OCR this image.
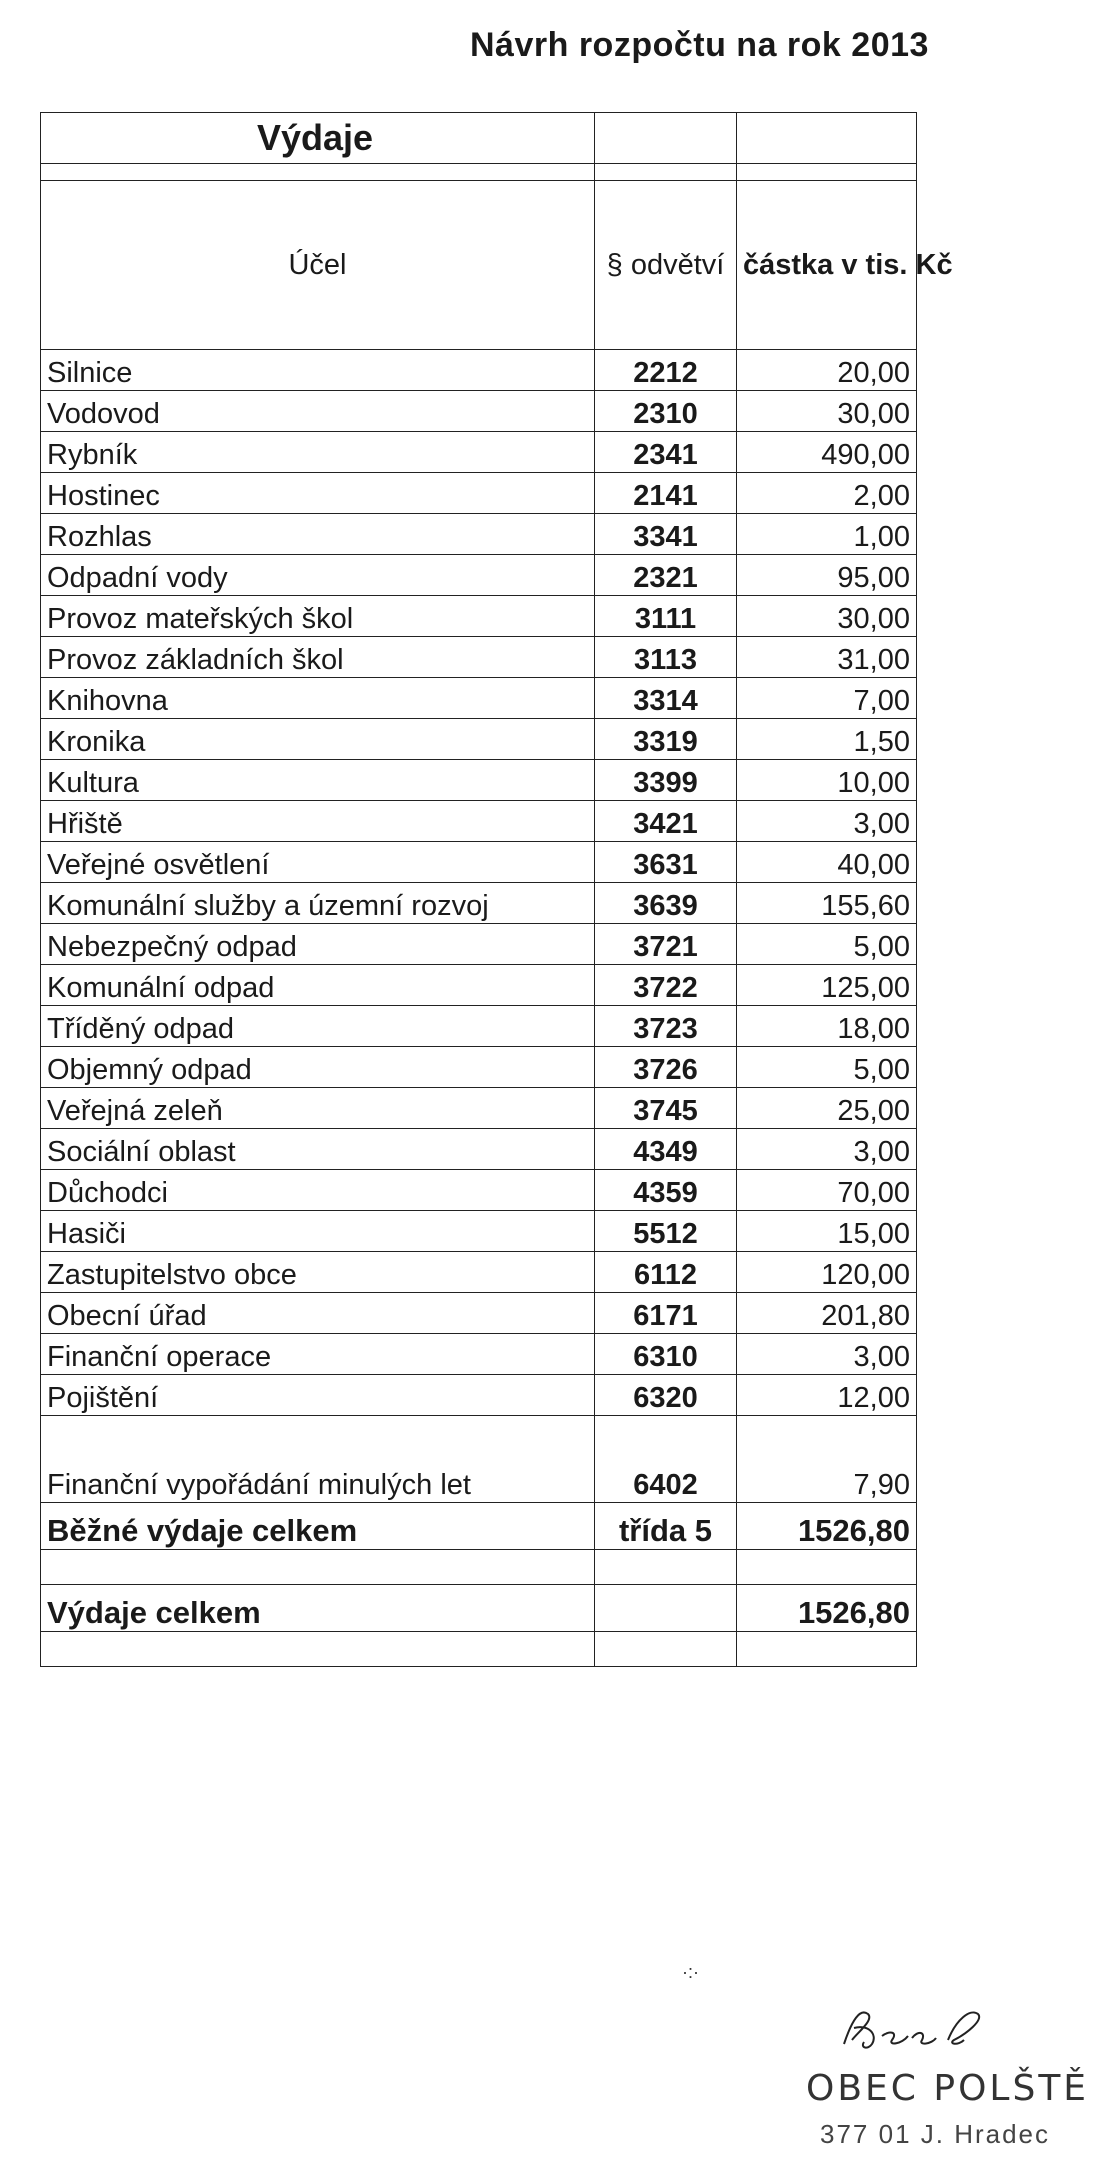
Návrh rozpočtu na rok 2013
Výdaje		

Účel	§ odvětví	částka v tis. Kč
Silnice	2212	20,00
Vodovod	2310	30,00
Rybník	2341	490,00
Hostinec	2141	2,00
Rozhlas	3341	1,00
Odpadní vody	2321	95,00
Provoz mateřských škol	3111	30,00
Provoz základních škol	3113	31,00
Knihovna	3314	7,00
Kronika	3319	1,50
Kultura	3399	10,00
Hřiště	3421	3,00
Veřejné osvětlení	3631	40,00
Komunální služby a územní rozvoj	3639	155,60
Nebezpečný odpad	3721	5,00
Komunální odpad	3722	125,00
Tříděný odpad	3723	18,00
Objemný odpad	3726	5,00
Veřejná zeleň	3745	25,00
Sociální oblast	4349	3,00
Důchodci	4359	70,00
Hasiči	5512	15,00
Zastupitelstvo obce	6112	120,00
Obecní úřad	6171	201,80
Finanční operace	6310	3,00
Pojištění	6320	12,00
Finanční vypořádání minulých let	6402	7,90
Běžné výdaje celkem	třída 5	1526,80

Výdaje celkem		1526,80

·:·
OBEC POLŠTĚ
377 01 J. Hradec
